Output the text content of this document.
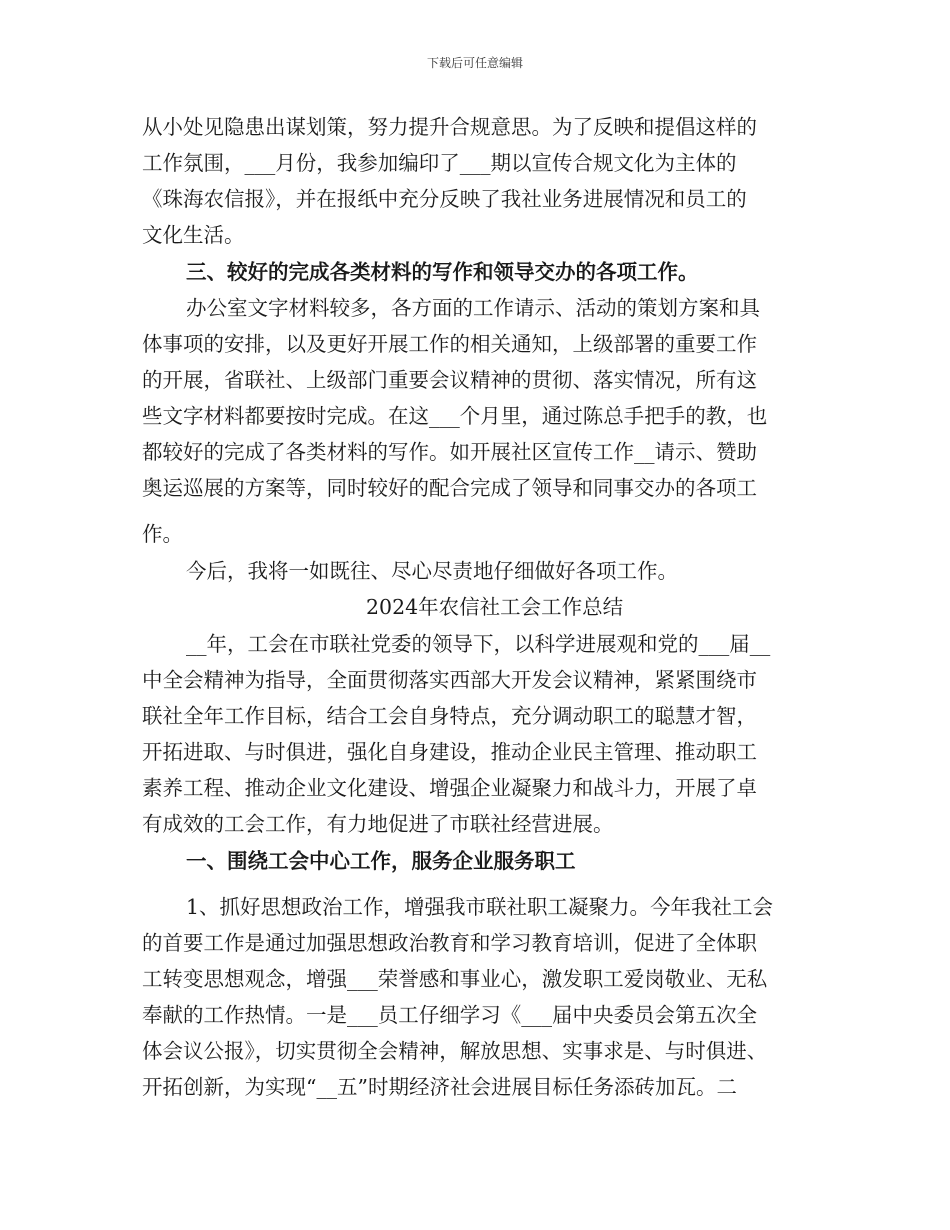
下载后可任意编辑
从小处见隐患出谋划策，努力提升合规意思。为了反映和提倡这样的
工作氛围，___月份，我参加编印了___期以宣传合规文化为主体的
《珠海农信报》，并在报纸中充分反映了我社业务进展情况和员工的
文化生活。
三、较好的完成各类材料的写作和领导交办的各项工作。
办公室文字材料较多，各方面的工作请示、活动的策划方案和具
体事项的安排，以及更好开展工作的相关通知，上级部署的重要工作
的开展，省联社、上级部门重要会议精神的贯彻、落实情况，所有这
些文字材料都要按时完成。在这___个月里，通过陈总手把手的教，也
都较好的完成了各类材料的写作。如开展社区宣传工作__请示、赞助
奥运巡展的方案等，同时较好的配合完成了领导和同事交办的各项工
作。
今后，我将一如既往、尽心尽责地仔细做好各项工作。
2024年农信社工会工作总结
__年，工会在市联社党委的领导下，以科学进展观和党的___届__
中全会精神为指导，全面贯彻落实西部大开发会议精神，紧紧围绕市
联社全年工作目标，结合工会自身特点，充分调动职工的聪慧才智，
开拓进取、与时俱进，强化自身建设，推动企业民主管理、推动职工
素养工程、推动企业文化建设、增强企业凝聚力和战斗力，开展了卓
有成效的工会工作，有力地促进了市联社经营进展。
一、围绕工会中心工作，服务企业服务职工
1、抓好思想政治工作，增强我市联社职工凝聚力。今年我社工会
的首要工作是通过加强思想政治教育和学习教育培训，促进了全体职
工转变思想观念，增强___荣誉感和事业心，激发职工爱岗敬业、无私
奉献的工作热情。一是___员工仔细学习《___届中央委员会第五次全
体会议公报》，切实贯彻全会精神，解放思想、实事求是、与时俱进、
开拓创新，为实现“__五”时期经济社会进展目标任务添砖加瓦。二
